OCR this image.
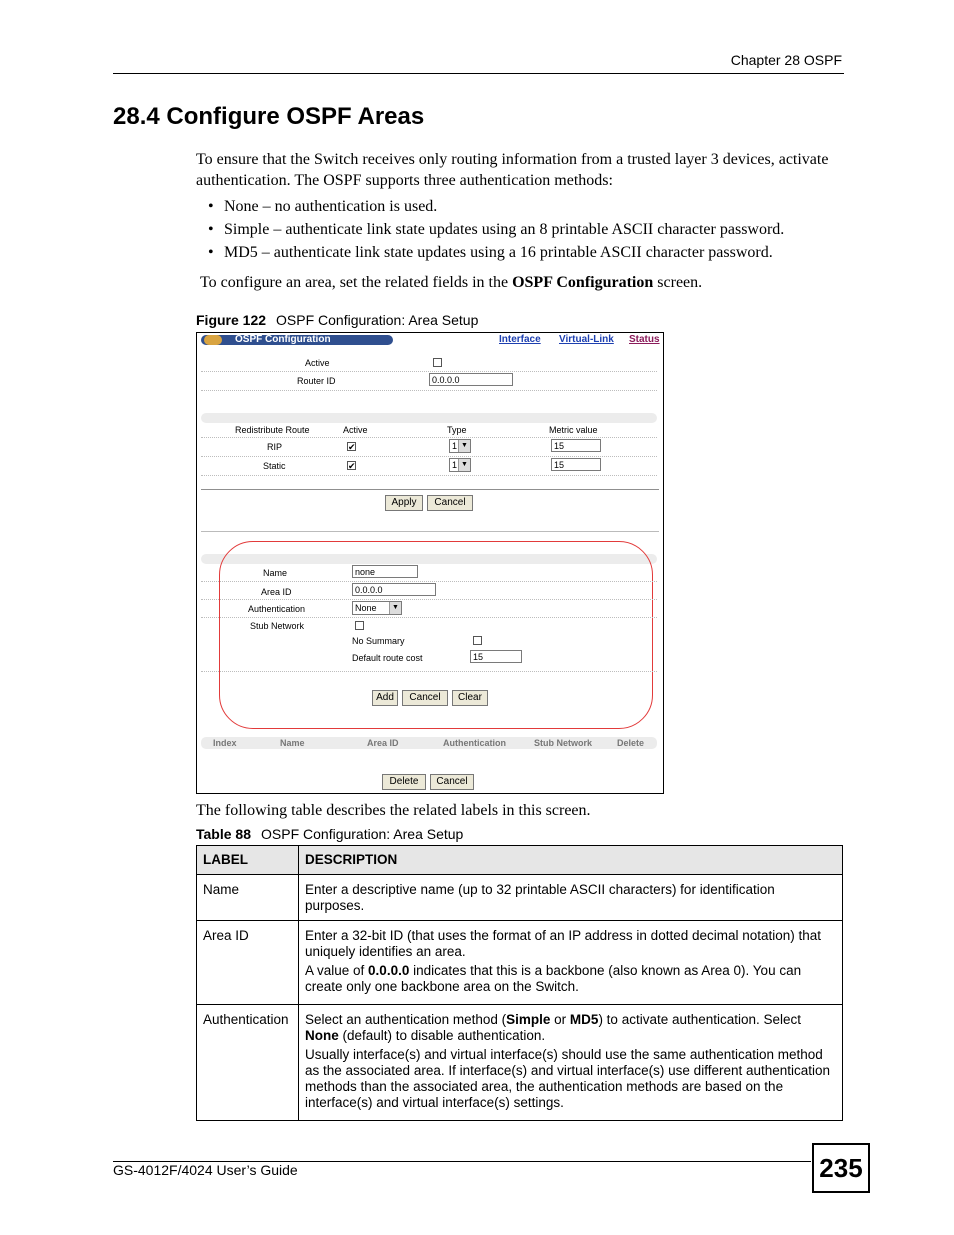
Chapter 28 OSPF
28.4 Configure OSPF Areas
To ensure that the Switch receives only routing information from a trusted layer 3 devices, activate authentication. The OSPF supports three authentication methods:
• None – no authentication is used.
• Simple – authenticate link state updates using an 8 printable ASCII character password.
• MD5 – authenticate link state updates using a 16 printable ASCII character password.
To configure an area, set the related fields in the OSPF Configuration screen.
Figure 122 OSPF Configuration: Area Setup
OSPF Configuration	Interface Virtual-Link Status
Active
Router ID	0.0.0.0
Redistribute Route	Active	Type	Metric value
RIP	✔	1 ▼	15
Static	✔	1 ▼	15
Apply	Cancel
Name	none
Area ID	0.0.0.0
Authentication	None	▼
Stub Network
No Summary
Default route cost	15
Add	Cancel	Clear
Index	Name	Area ID	Authentication	Stub Network	Delete
Delete	Cancel
The following table describes the related labels in this screen.
Table 88 OSPF Configuration: Area Setup
LABEL	DESCRIPTION
Name	Enter a descriptive name (up to 32 printable ASCII characters) for identification purposes.
Area ID	Enter a 32-bit ID (that uses the format of an IP address in dotted decimal notation) that uniquely identifies an area.

A value of 0.0.0.0 indicates that this is a backbone (also known as Area 0). You can create only one backbone area on the Switch.

Authentication	Select an authentication method (Simple or MD5) to activate authentication. Select None (default) to disable authentication.

Usually interface(s) and virtual interface(s) should use the same authentication method as the associated area. If interface(s) and virtual interface(s) use different authentication methods than the associated area, the authentication methods are based on the interface(s) and virtual interface(s) settings.

GS-4012F/4024 User’s Guide	235
